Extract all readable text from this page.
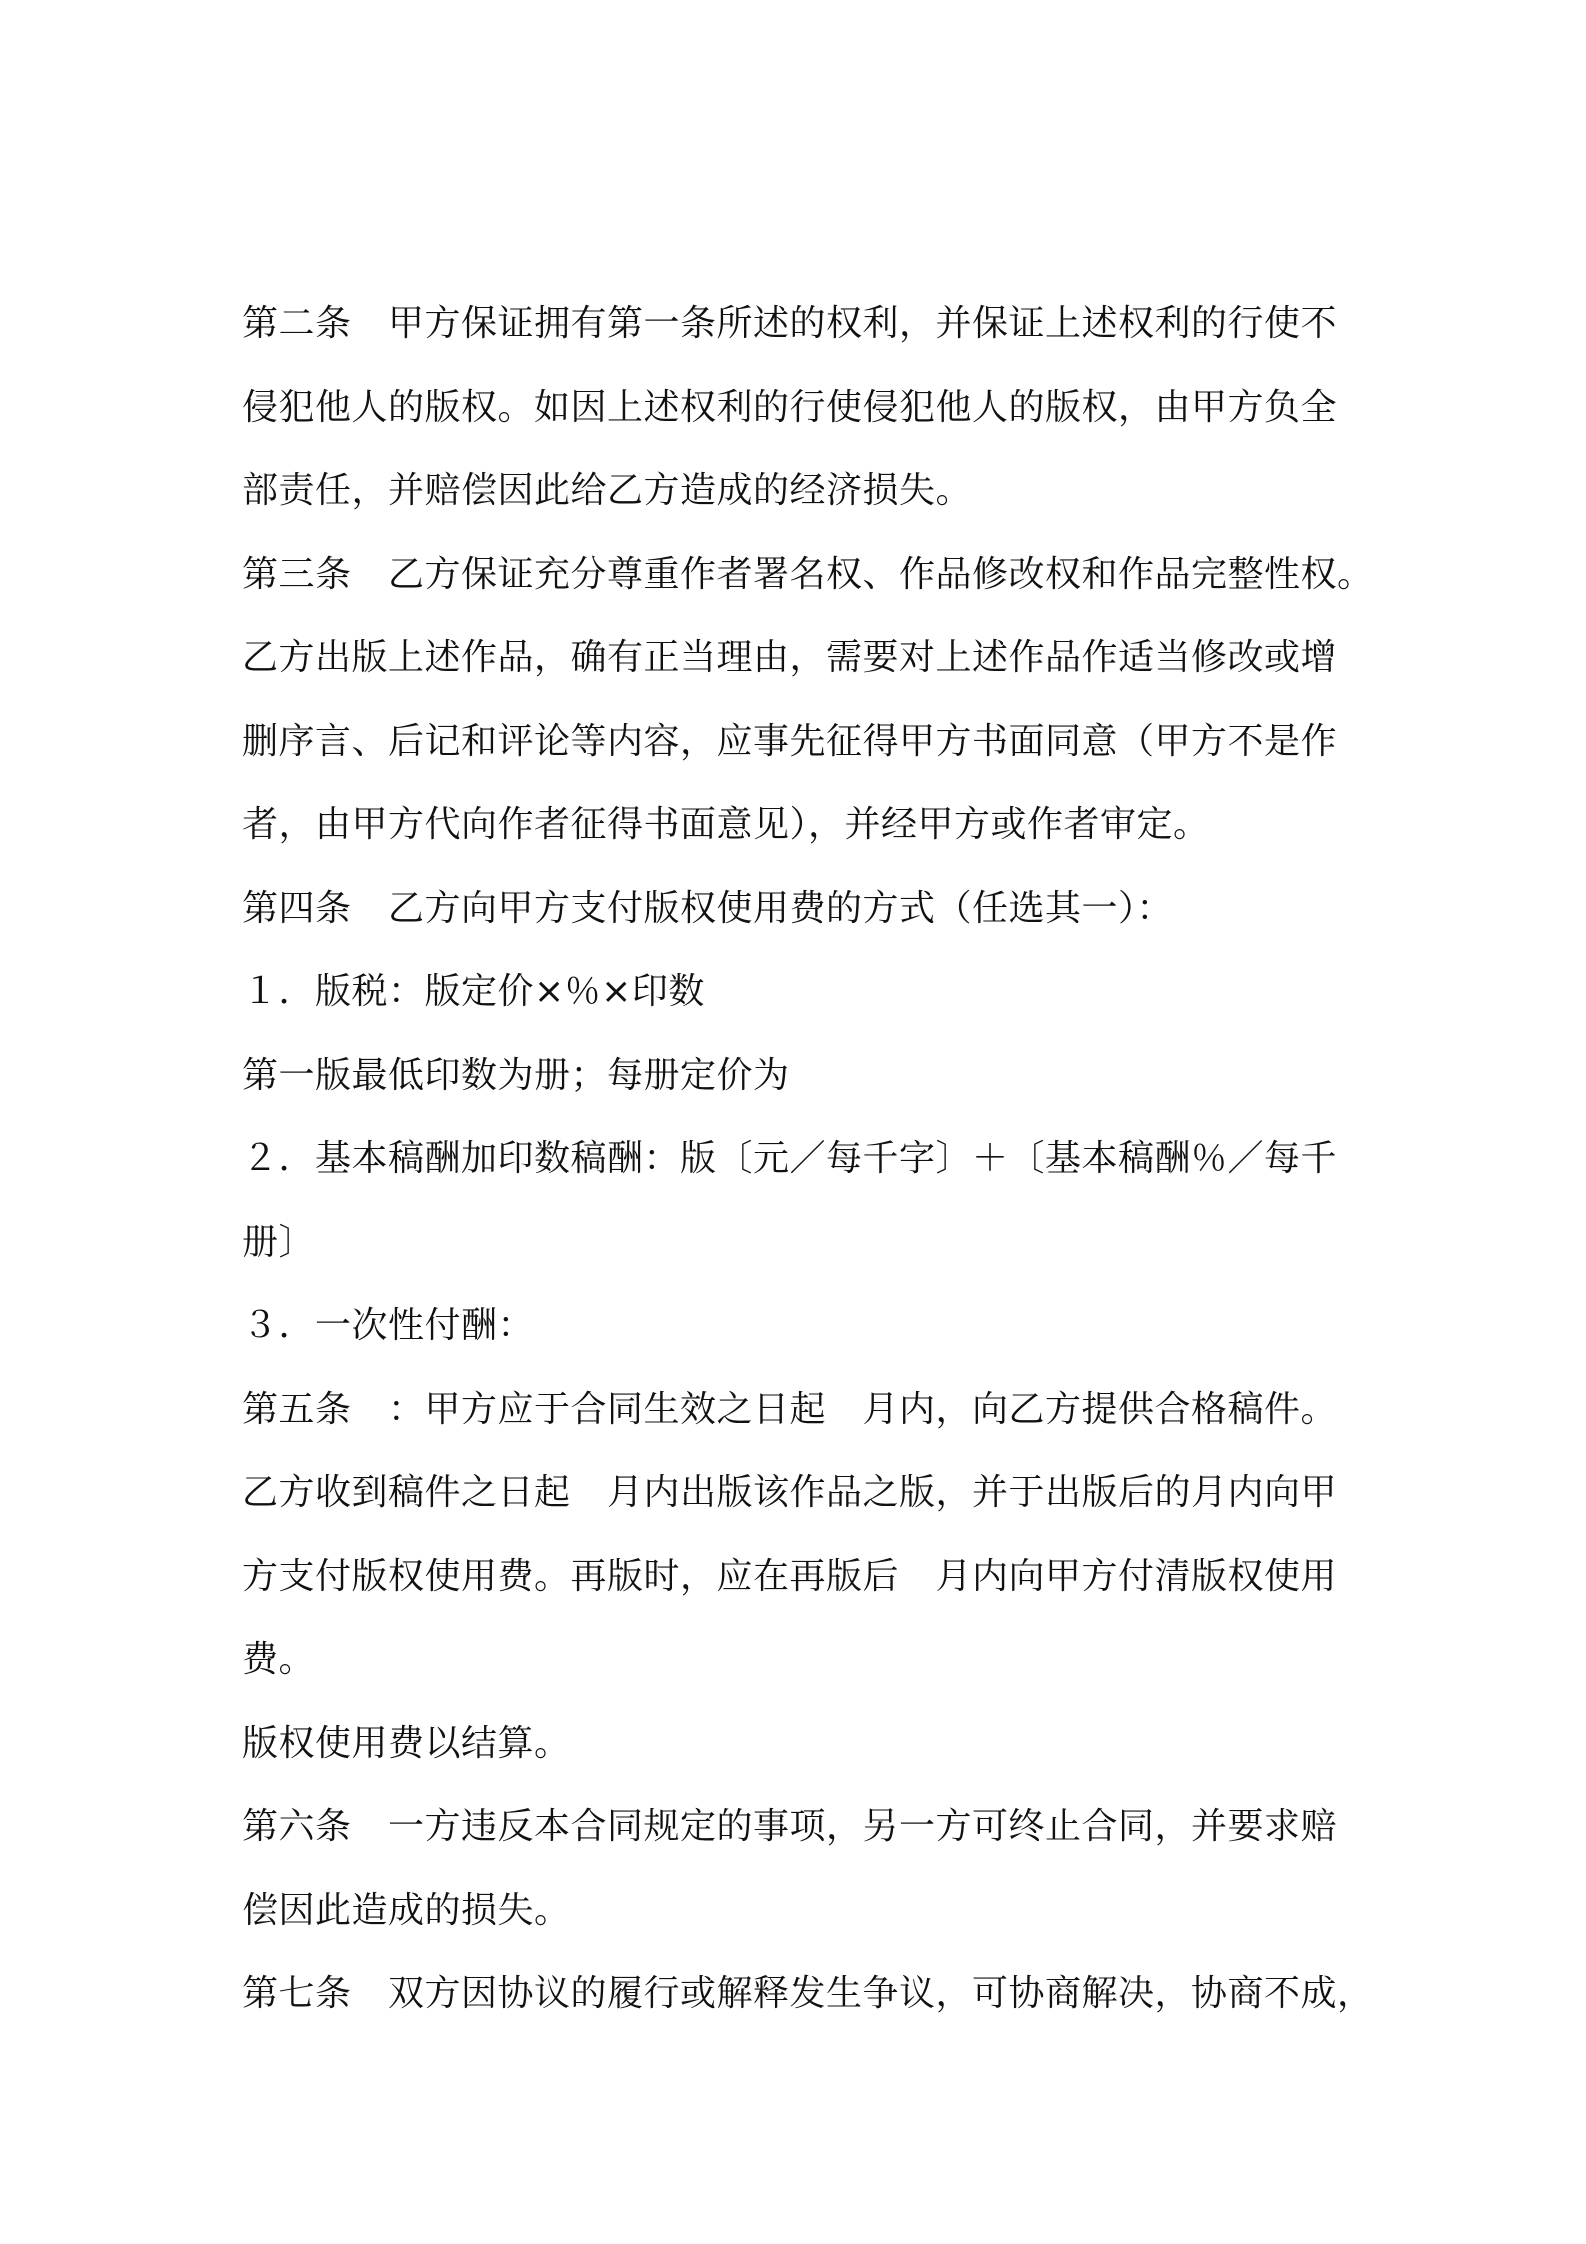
第二条　甲方保证拥有第一条所述的权利，并保证上述权利的行使不
侵犯他人的版权。如因上述权利的行使侵犯他人的版权，由甲方负全
部责任，并赔偿因此给乙方造成的经济损失。
第三条　乙方保证充分尊重作者署名权、作品修改权和作品完整性权。
乙方出版上述作品，确有正当理由，需要对上述作品作适当修改或增
删序言、后记和评论等内容，应事先征得甲方书面同意（甲方不是作
者，由甲方代向作者征得书面意见），并经甲方或作者审定。
第四条　乙方向甲方支付版权使用费的方式（任选其一）：
１．版税：版定价×％×印数
第一版最低印数为册；每册定价为
２．基本稿酬加印数稿酬：版〔元／每千字〕＋〔基本稿酬％／每千
册〕
３．一次性付酬：
第五条　：甲方应于合同生效之日起　月内，向乙方提供合格稿件。
乙方收到稿件之日起　月内出版该作品之版，并于出版后的月内向甲
方支付版权使用费。再版时，应在再版后　月内向甲方付清版权使用
费。
版权使用费以结算。
第六条　一方违反本合同规定的事项，另一方可终止合同，并要求赔
偿因此造成的损失。
第七条　双方因协议的履行或解释发生争议，可协商解决，协商不成，
